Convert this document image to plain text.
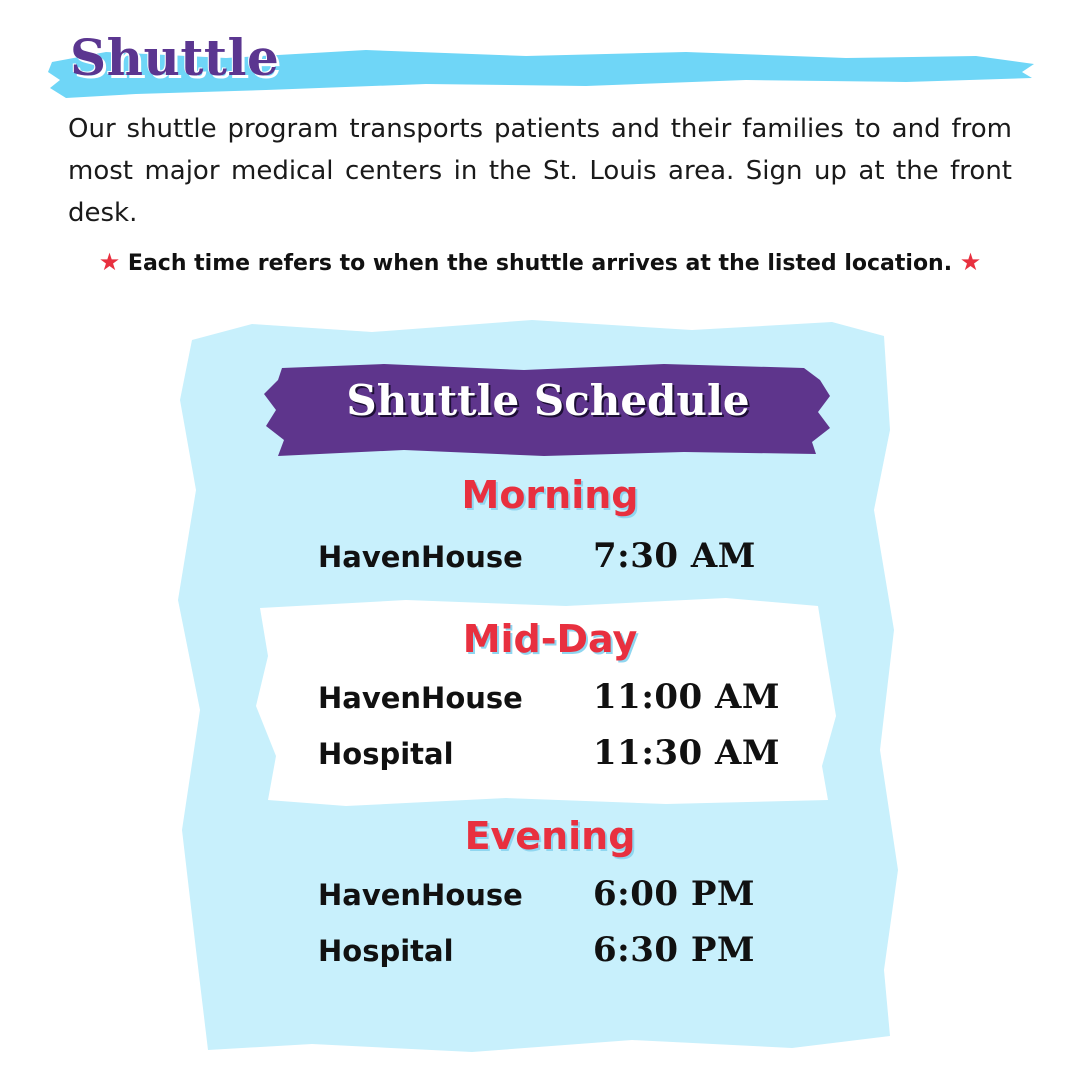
Shuttle

Our shuttle program transports patients and their families to and from most major medical centers in the St. Louis area. Sign up at the front desk.

★ Each time refers to when the shuttle arrives at the listed location. ★
Shuttle Schedule
Morning
HavenHouse 7:30 AM
Mid-Day
HavenHouse 11:00 AM
Hospital	11:30 AM
Evening
HavenHouse 6:00 PM
Hospital	6:30 PM
